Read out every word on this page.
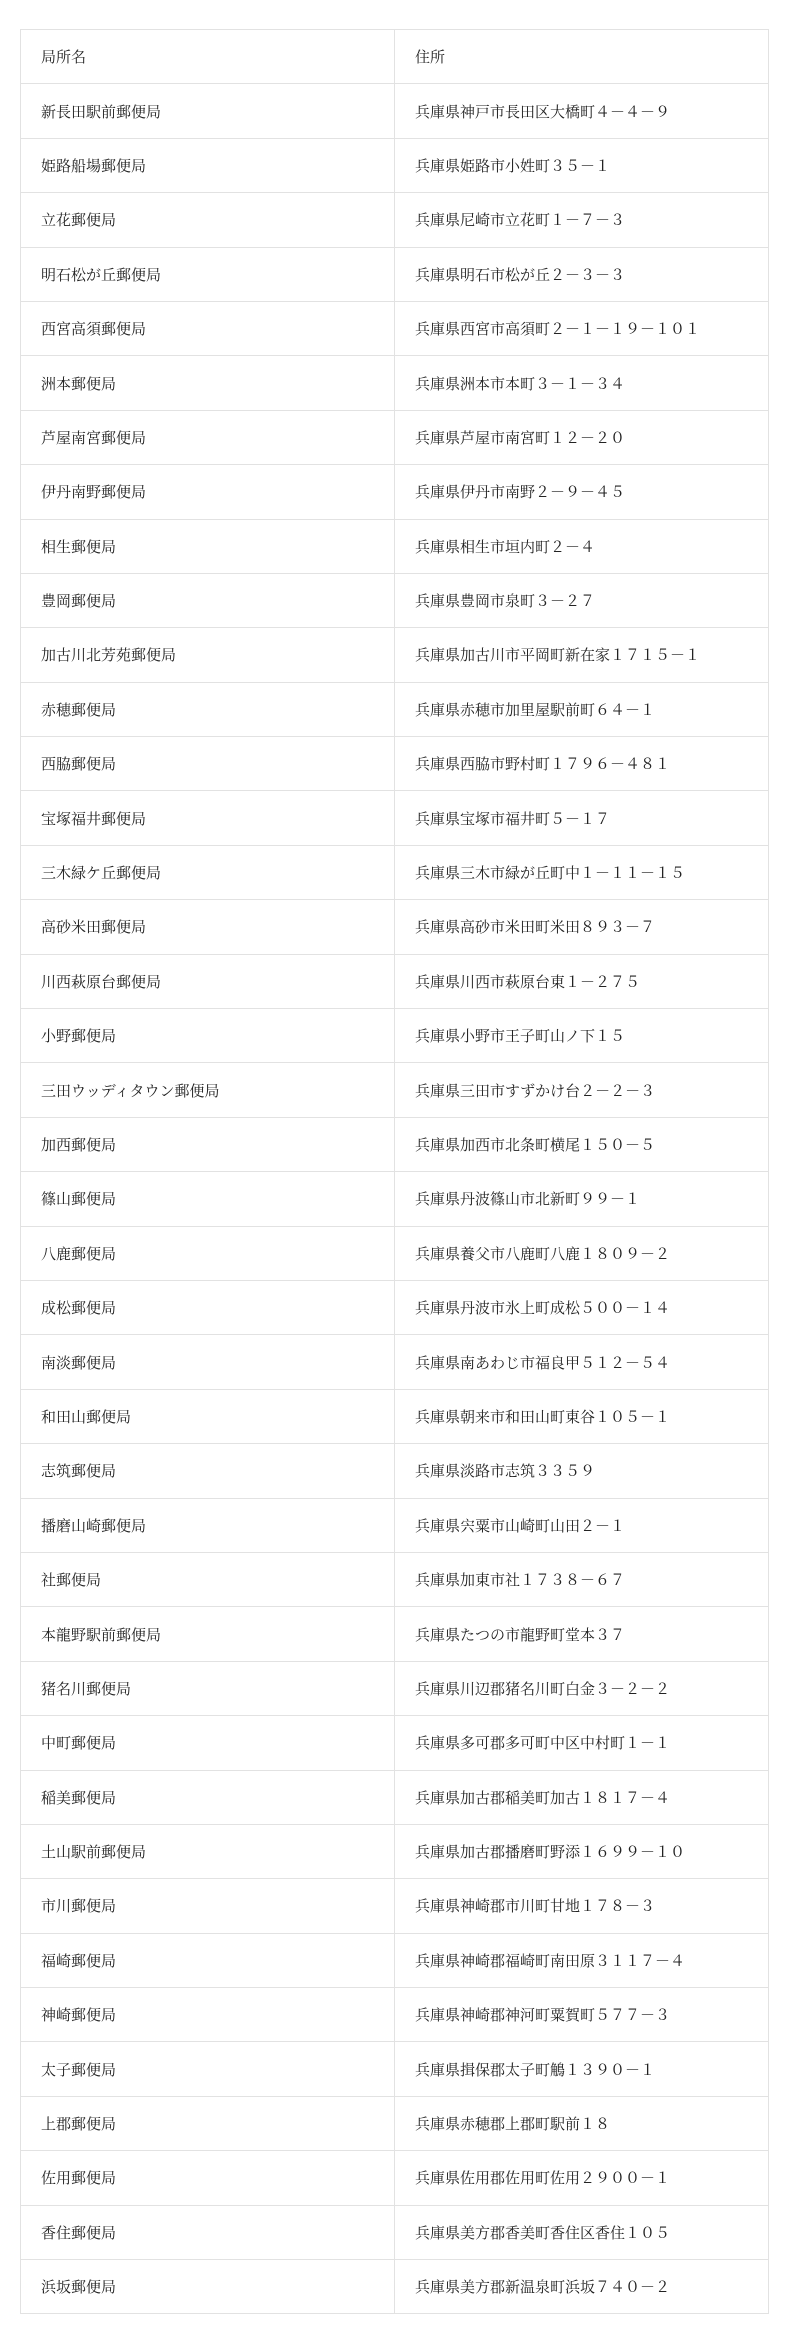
局所名	住所
新長田駅前郵便局	兵庫県神戸市長田区大橋町４－４－９
姫路船場郵便局	兵庫県姫路市小姓町３５－１
立花郵便局	兵庫県尼崎市立花町１－７－３
明石松が丘郵便局	兵庫県明石市松が丘２－３－３
西宮高須郵便局	兵庫県西宮市高須町２－１－１９－１０１
洲本郵便局	兵庫県洲本市本町３－１－３４
芦屋南宮郵便局	兵庫県芦屋市南宮町１２－２０
伊丹南野郵便局	兵庫県伊丹市南野２－９－４５
相生郵便局	兵庫県相生市垣内町２－４
豊岡郵便局	兵庫県豊岡市泉町３－２７
加古川北芳苑郵便局	兵庫県加古川市平岡町新在家１７１５－１
赤穂郵便局	兵庫県赤穂市加里屋駅前町６４－１
西脇郵便局	兵庫県西脇市野村町１７９６－４８１
宝塚福井郵便局	兵庫県宝塚市福井町５－１７
三木緑ケ丘郵便局	兵庫県三木市緑が丘町中１－１１－１５
高砂米田郵便局	兵庫県高砂市米田町米田８９３－７
川西萩原台郵便局	兵庫県川西市萩原台東１－２７５
小野郵便局	兵庫県小野市王子町山ノ下１５
三田ウッディタウン郵便局	兵庫県三田市すずかけ台２－２－３
加西郵便局	兵庫県加西市北条町横尾１５０－５
篠山郵便局	兵庫県丹波篠山市北新町９９－１
八鹿郵便局	兵庫県養父市八鹿町八鹿１８０９－２
成松郵便局	兵庫県丹波市氷上町成松５００－１４
南淡郵便局	兵庫県南あわじ市福良甲５１２－５４
和田山郵便局	兵庫県朝来市和田山町東谷１０５－１
志筑郵便局	兵庫県淡路市志筑３３５９
播磨山崎郵便局	兵庫県宍粟市山崎町山田２－１
社郵便局	兵庫県加東市社１７３８－６７
本龍野駅前郵便局	兵庫県たつの市龍野町堂本３７
猪名川郵便局	兵庫県川辺郡猪名川町白金３－２－２
中町郵便局	兵庫県多可郡多可町中区中村町１－１
稲美郵便局	兵庫県加古郡稲美町加古１８１７－４
土山駅前郵便局	兵庫県加古郡播磨町野添１６９９－１０
市川郵便局	兵庫県神崎郡市川町甘地１７８－３
福崎郵便局	兵庫県神崎郡福崎町南田原３１１７－４
神崎郵便局	兵庫県神崎郡神河町粟賀町５７７－３
太子郵便局	兵庫県揖保郡太子町鵤１３９０－１
上郡郵便局	兵庫県赤穂郡上郡町駅前１８
佐用郵便局	兵庫県佐用郡佐用町佐用２９００－１
香住郵便局	兵庫県美方郡香美町香住区香住１０５
浜坂郵便局	兵庫県美方郡新温泉町浜坂７４０－２
